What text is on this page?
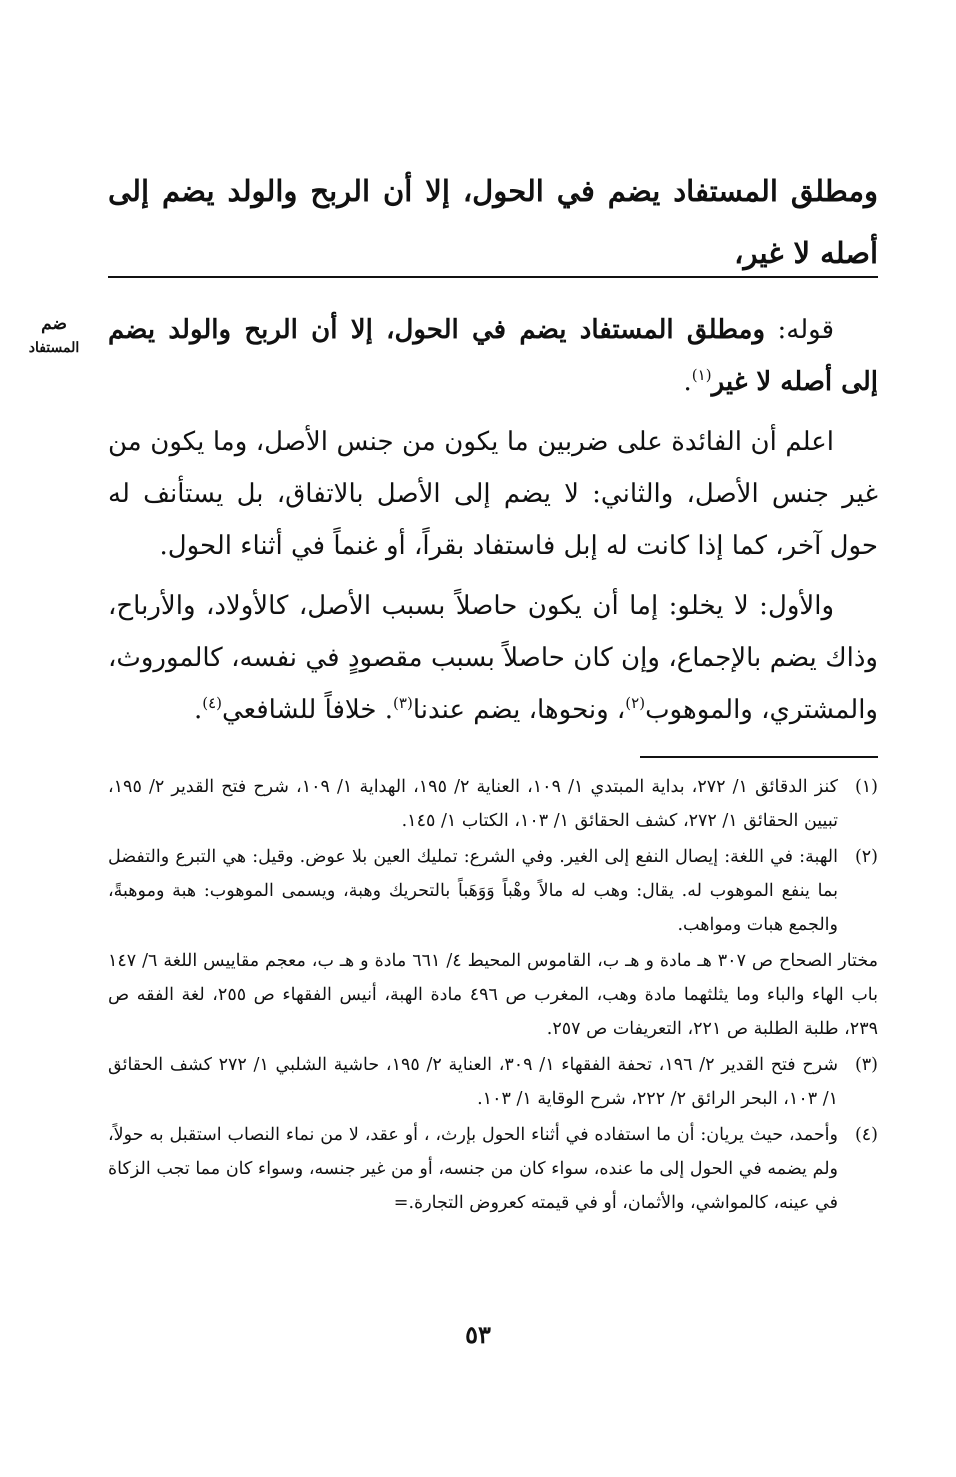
ومطلق المستفاد يضم في الحول، إلا أن الربح والولد يضم إلى أصله لا غير،
ضم
المستفاد

قوله: ومطلق المستفاد يضم في الحول، إلا أن الربح والولد يضم إلى أصله لا غير$^{(١)}$.

اعلم أن الفائدة على ضربين ما يكون من جنس الأصل، وما يكون من غير جنس الأصل، والثاني: لا يضم إلى الأصل بالاتفاق، بل يستأنف له حول آخر، كما إذا كانت له إبل فاستفاد بقراً، أو غنماً في أثناء الحول.

والأول: لا يخلو: إما أن يكون حاصلاً بسبب الأصل، كالأولاد، والأرباح، وذاك يضم بالإجماع، وإن كان حاصلاً بسبب مقصودٍ في نفسه، كالموروث، والمشتري، والموهوب$^{(٢)}$، ونحوها، يضم عندنا$^{(٣)}$. خلافاً للشافعي$^{(٤)}$.

(١)
كنز الدقائق ١/ ٢٧٢، بداية المبتدي ١/ ١٠٩، العناية ٢/ ١٩٥، الهداية ١/ ١٠٩، شرح فتح القدير ٢/ ١٩٥، تبيين الحقائق ١/ ٢٧٢، كشف الحقائق ١/ ١٠٣، الكتاب ١/ ١٤٥.
(٢)
الهبة: في اللغة: إيصال النفع إلى الغير. وفي الشرع: تمليك العين بلا عوض. وقيل: هي التبرع والتفضل بما ينفع الموهوب له. يقال: وهب له مالاً وهْباً وَوَهَباً بالتحريك وهبة، ويسمى الموهوب: هبة وموهبةً، والجمع هبات ومواهب.
مختار الصحاح ص ٣٠٧ هـ مادة و هـ ب، القاموس المحيط ٤/ ٦٦١ مادة و هـ ب، معجم مقاييس اللغة ٦/ ١٤٧ باب الهاء والباء وما يثلثهما مادة وهب، المغرب ص ٤٩٦ مادة الهبة، أنيس الفقهاء ص ٢٥٥، لغة الفقه ص ٢٣٩، طلبة الطلبة ص ٢٢١، التعريفات ص ٢٥٧.
(٣)
شرح فتح القدير ٢/ ١٩٦، تحفة الفقهاء ١/ ٣٠٩، العناية ٢/ ١٩٥، حاشية الشلبي ١/ ٢٧٢ كشف الحقائق ١/ ١٠٣، البحر الرائق ٢/ ٢٢٢، شرح الوقاية ١/ ١٠٣.
(٤)
وأحمد، حيث يريان: أن ما استفاده في أثناء الحول بإرث، ، أو عقد، لا من نماء النصاب استقبل به حولاً، ولم يضمه في الحول إلى ما عنده، سواء كان من جنسه، أو من غير جنسه، وسواء كان مما تجب الزكاة في عينه، كالمواشي، والأثمان، أو في قيمته كعروض التجارة.=
٥٣
